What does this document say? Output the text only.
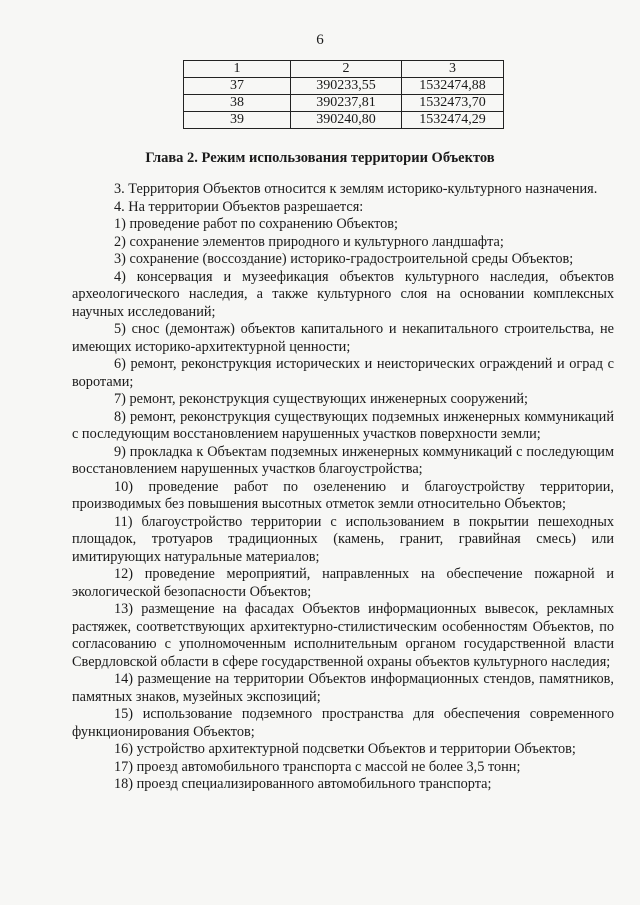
6
1	2	3
37	390233,55	1532474,88
38	390237,81	1532473,70
39	390240,80	1532474,29
Глава 2. Режим использования территории Объектов

3. Территория Объектов относится к землям историко-культурного назначения.

4. На территории Объектов разрешается:

1) проведение работ по сохранению Объектов;

2) сохранение элементов природного и культурного ландшафта;

3) сохранение (воссоздание) историко-градостроительной среды Объектов;

4) консервация и музеефикация объектов культурного наследия, объектов археологического наследия, а также культурного слоя на основании комплексных научных исследований;

5) снос (демонтаж) объектов капитального и некапитального строительства, не имеющих историко-архитектурной ценности;

6) ремонт, реконструкция исторических и неисторических ограждений и оград с воротами;

7) ремонт, реконструкция существующих инженерных сооружений;

8) ремонт, реконструкция существующих подземных инженерных коммуникаций с последующим восстановлением нарушенных участков поверхности земли;

9) прокладка к Объектам подземных инженерных коммуникаций с последующим восстановлением нарушенных участков благоустройства;

10) проведение работ по озеленению и благоустройству территории, производимых без повышения высотных отметок земли относительно Объектов;

11) благоустройство территории с использованием в покрытии пешеходных площадок, тротуаров традиционных (камень, гранит, гравийная смесь) или имитирующих натуральные материалов;

12) проведение мероприятий, направленных на обеспечение пожарной и экологической безопасности Объектов;

13) размещение на фасадах Объектов информационных вывесок, рекламных растяжек, соответствующих архитектурно-стилистическим особенностям Объектов, по согласованию с уполномоченным исполнительным органом государственной власти Свердловской области в сфере государственной охраны объектов культурного наследия;

14) размещение на территории Объектов информационных стендов, памятников, памятных знаков, музейных экспозиций;

15) использование подземного пространства для обеспечения современного функционирования Объектов;

16) устройство архитектурной подсветки Объектов и территории Объектов;

17) проезд автомобильного транспорта с массой не более 3,5 тонн;

18) проезд специализированного автомобильного транспорта;
